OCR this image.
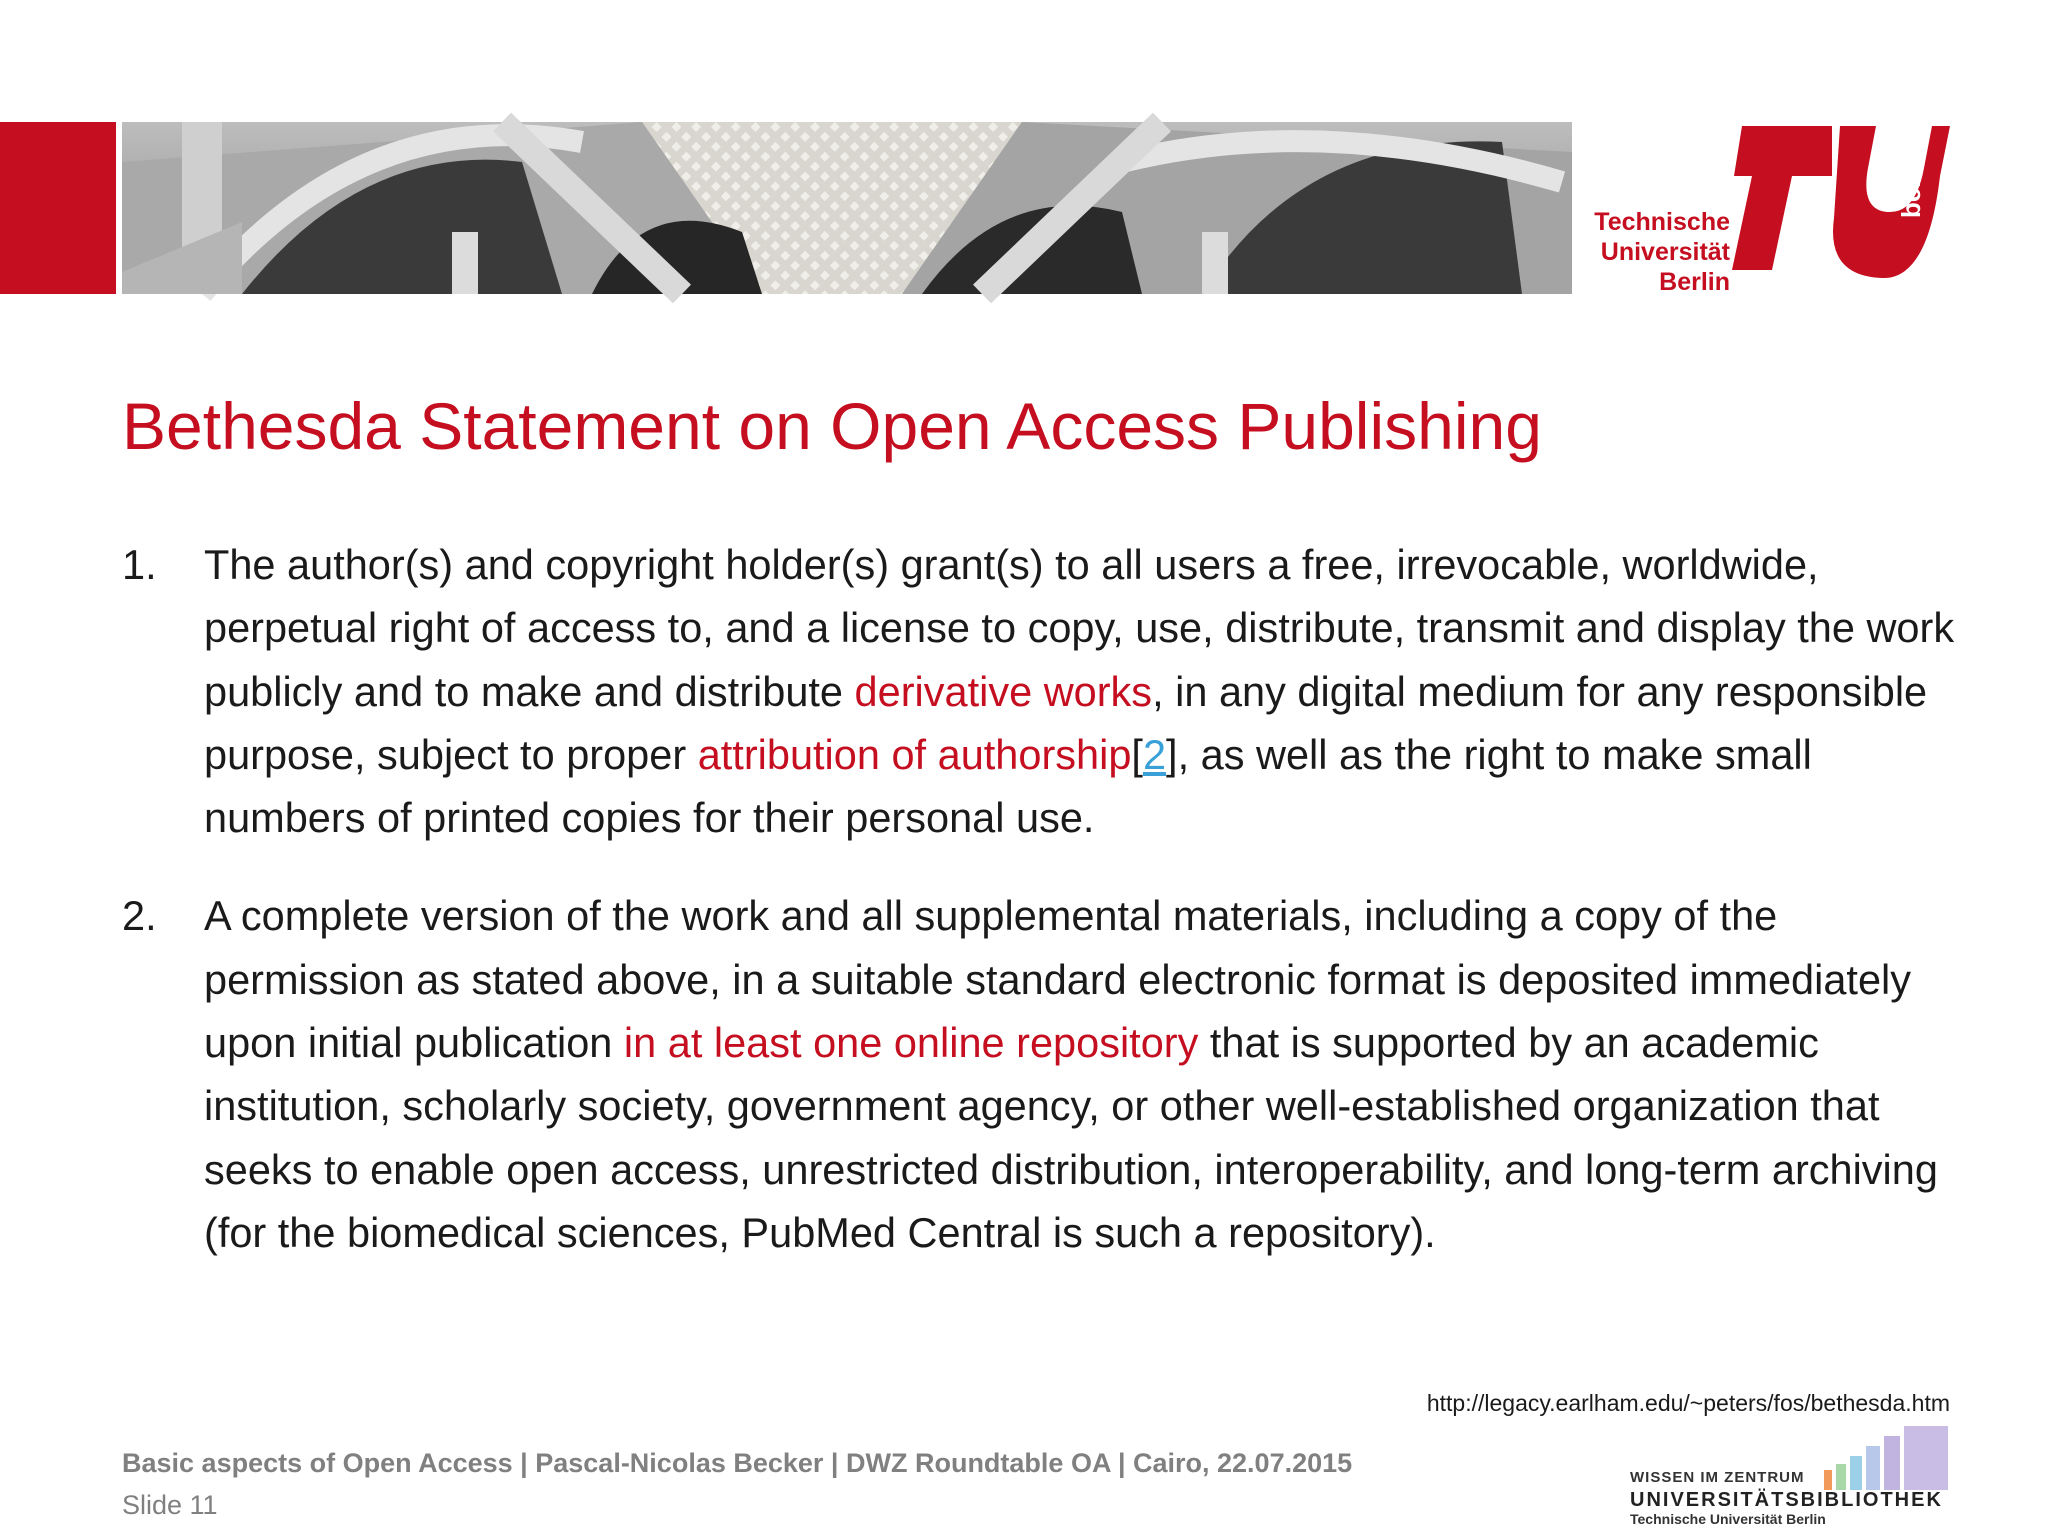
berlin
Technische
Universität
Berlin
Bethesda Statement on Open Access Publishing
1. The author(s) and copyright holder(s) grant(s) to all users a free, irrevocable, worldwide, perpetual right of access to, and a license to copy, use, distribute, transmit and display the work publicly and to make and distribute derivative works, in any digital medium for any responsible purpose, subject to proper attribution of authorship[2], as well as the right to make small numbers of printed copies for their personal use.
2. A complete version of the work and all supplemental materials, including a copy of the permission as stated above, in a suitable standard electronic format is deposited immediately upon initial publication in at least one online repository that is supported by an academic institution, scholarly society, government agency, or other well-established organization that seeks to enable open access, unrestricted distribution, interoperability, and long-term archiving (for the biomedical sciences, PubMed Central is such a repository).
http://legacy.earlham.edu/~peters/fos/bethesda.htm
Basic aspects of Open Access | Pascal-Nicolas Becker | DWZ Roundtable OA | Cairo, 22.07.2015
Slide 11
WISSEN IM ZENTRUM
UNIVERSITÄTSBIBLIOTHEK
Technische Universität Berlin
